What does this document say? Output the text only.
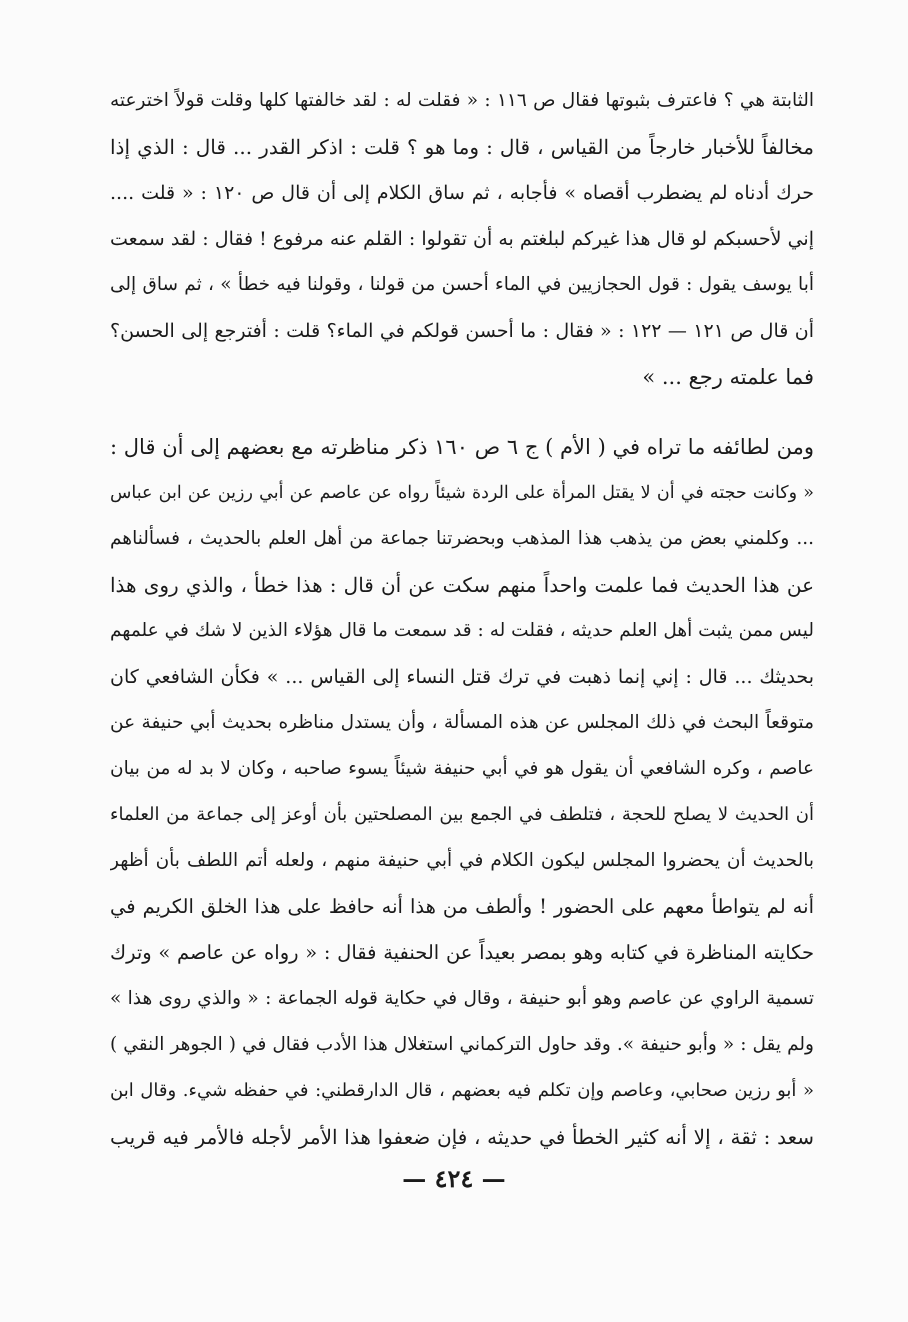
الثابتة هي ؟ فاعترف بثبوتها فقال ص ١١٦ : « فقلت له : لقد خالفتها كلها وقلت قولاً اخترعته
مخالفاً للأخبار خارجاً من القياس ، قال : وما هو ؟ قلت : اذكر القدر ... قال : الذي إذا
حرك أدناه لم يضطرب أقصاه » فأجابه ، ثم ساق الكلام إلى أن قال ص ١٢٠ : « قلت ....
إني لأحسبكم لو قال هذا غيركم لبلغتم به أن تقولوا : القلم عنه مرفوع ! فقال : لقد سمعت
أبا يوسف يقول : قول الحجازيين في الماء أحسن من قولنا ، وقولنا فيه خطأ » ، ثم ساق إلى
أن قال ص ١٢١ — ١٢٢ : « فقال : ما أحسن قولكم في الماء؟ قلت : أفترجع إلى الحسن؟
فما علمته رجع ... »
ومن لطائفه ما تراه في ( الأم ) ج ٦ ص ١٦٠ ذكر مناظرته مع بعضهم إلى أن قال :
« وكانت حجته في أن لا يقتل المرأة على الردة شيئاً رواه عن عاصم عن أبي رزين عن ابن عباس
... وكلمني بعض من يذهب هذا المذهب وبحضرتنا جماعة من أهل العلم بالحديث ، فسألناهم
عن هذا الحديث فما علمت واحداً منهم سكت عن أن قال : هذا خطأ ، والذي روى هذا
ليس ممن يثبت أهل العلم حديثه ، فقلت له : قد سمعت ما قال هؤلاء الذين لا شك في علمهم
بحديثك ... قال : إني إنما ذهبت في ترك قتل النساء إلى القياس ... » فكأن الشافعي كان
متوقعاً البحث في ذلك المجلس عن هذه المسألة ، وأن يستدل مناظره بحديث أبي حنيفة عن
عاصم ، وكره الشافعي أن يقول هو في أبي حنيفة شيئاً يسوء صاحبه ، وكان لا بد له من بيان
أن الحديث لا يصلح للحجة ، فتلطف في الجمع بين المصلحتين بأن أوعز إلى جماعة من العلماء
بالحديث أن يحضروا المجلس ليكون الكلام في أبي حنيفة منهم ، ولعله أتم اللطف بأن أظهر
أنه لم يتواطأ معهم على الحضور ! وألطف من هذا أنه حافظ على هذا الخلق الكريم في
حكايته المناظرة في كتابه وهو بمصر بعيداً عن الحنفية فقال : « رواه عن عاصم » وترك
تسمية الراوي عن عاصم وهو أبو حنيفة ، وقال في حكاية قوله الجماعة : « والذي روى هذا »
ولم يقل : « وأبو حنيفة ». وقد حاول التركماني استغلال هذا الأدب فقال في ( الجوهر النقي )
« أبو رزين صحابي، وعاصم وإن تكلم فيه بعضهم ، قال الدارقطني: في حفظه شيء. وقال ابن
سعد : ثقة ، إلا أنه كثير الخطأ في حديثه ، فإن ضعفوا هذا الأمر لأجله فالأمر فيه قريب
— ٤٢٤ —
